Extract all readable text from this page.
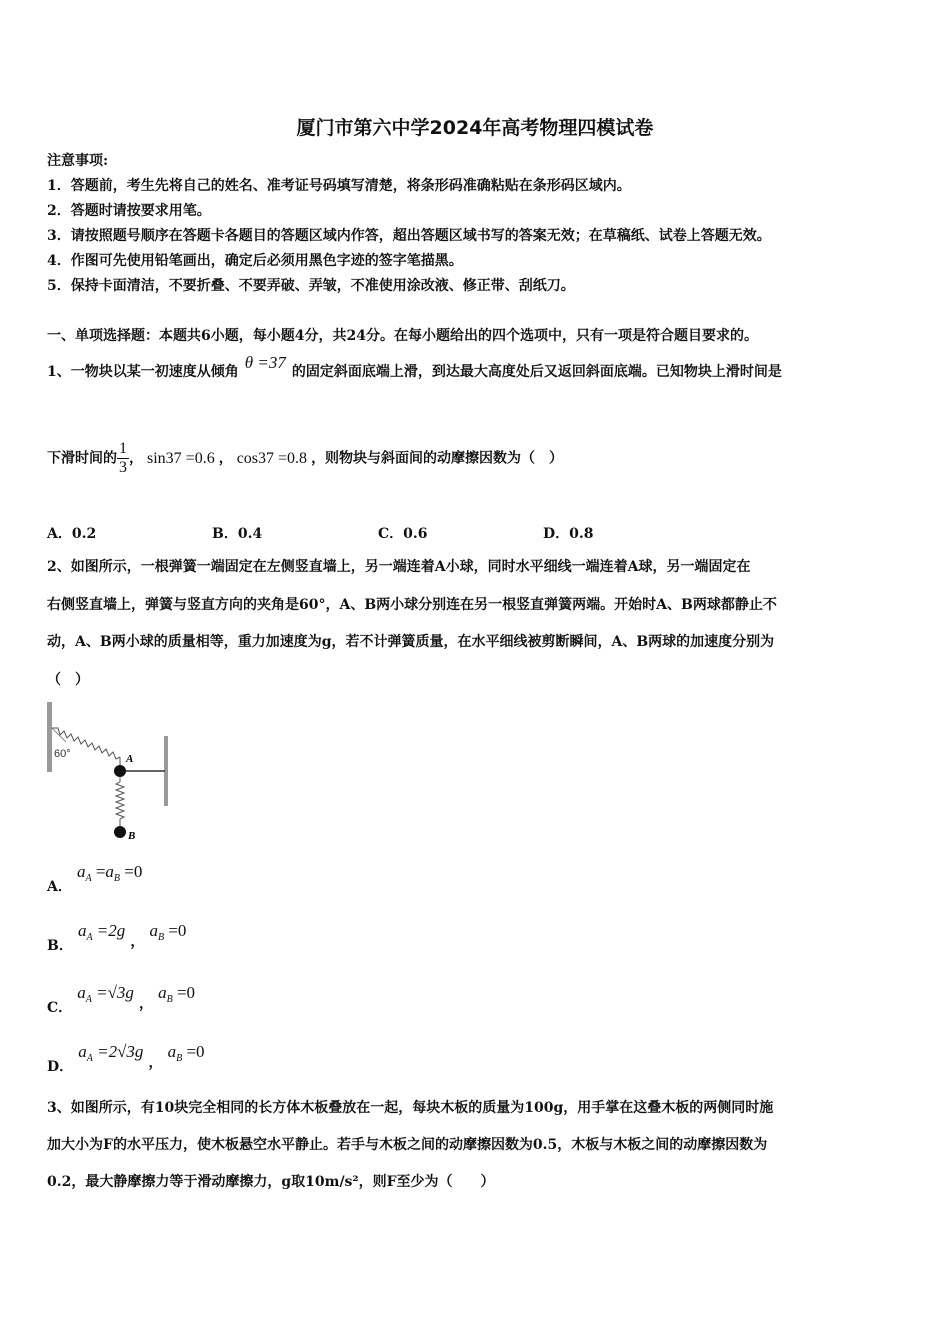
厦门市第六中学2024年高考物理四模试卷
注意事项:
1．答题前，考生先将自己的姓名、准考证号码填写清楚，将条形码准确粘贴在条形码区域内。
2．答题时请按要求用笔。
3．请按照题号顺序在答题卡各题目的答题区域内作答，超出答题区域书写的答案无效；在草稿纸、试卷上答题无效。
4．作图可先使用铅笔画出，确定后必须用黑色字迹的签字笔描黑。
5．保持卡面清洁，不要折叠、不要弄破、弄皱，不准使用涂改液、修正带、刮纸刀。
一、单项选择题：本题共6小题，每小题4分，共24分。在每小题给出的四个选项中，只有一项是符合题目要求的。
1、一物块以某一初速度从倾角 θ =37 的固定斜面底端上滑，到达最大高度处后又返回斜面底端。已知物块上滑时间是
下滑时间的 $\frac{1}{3}$ ， sin37 =0.6 ， cos37 =0.8 ，则物块与斜面间的动摩擦因数为（　）
A．0.2	B．0.4	C．0.6	D．0.8
2、如图所示，一根弹簧一端固定在左侧竖直墙上，另一端连着A小球，同时水平细线一端连着A球，另一端固定在
右侧竖直墙上，弹簧与竖直方向的夹角是60°，A、B两小球分别连在另一根竖直弹簧两端。开始时A、B两球都静止不
动，A、B两小球的质量相等，重力加速度为g，若不计弹簧质量，在水平细线被剪断瞬间，A、B两球的加速度分别为
（　）
60°	A
B
A． $a_A =a_B =0$
B． $a_A =2g$ ， $a_B =0$
C． $a_A =√3g$ ， $a_B =0$
D． $a_A =2√3g$ ， $a_B =0$
3、如图所示，有10块完全相同的长方体木板叠放在一起，每块木板的质量为100g，用手掌在这叠木板的两侧同时施
加大小为F的水平压力，使木板悬空水平静止。若手与木板之间的动摩擦因数为0.5，木板与木板之间的动摩擦因数为
0.2，最大静摩擦力等于滑动摩擦力，g取10m/s²，则F至少为（　　）
